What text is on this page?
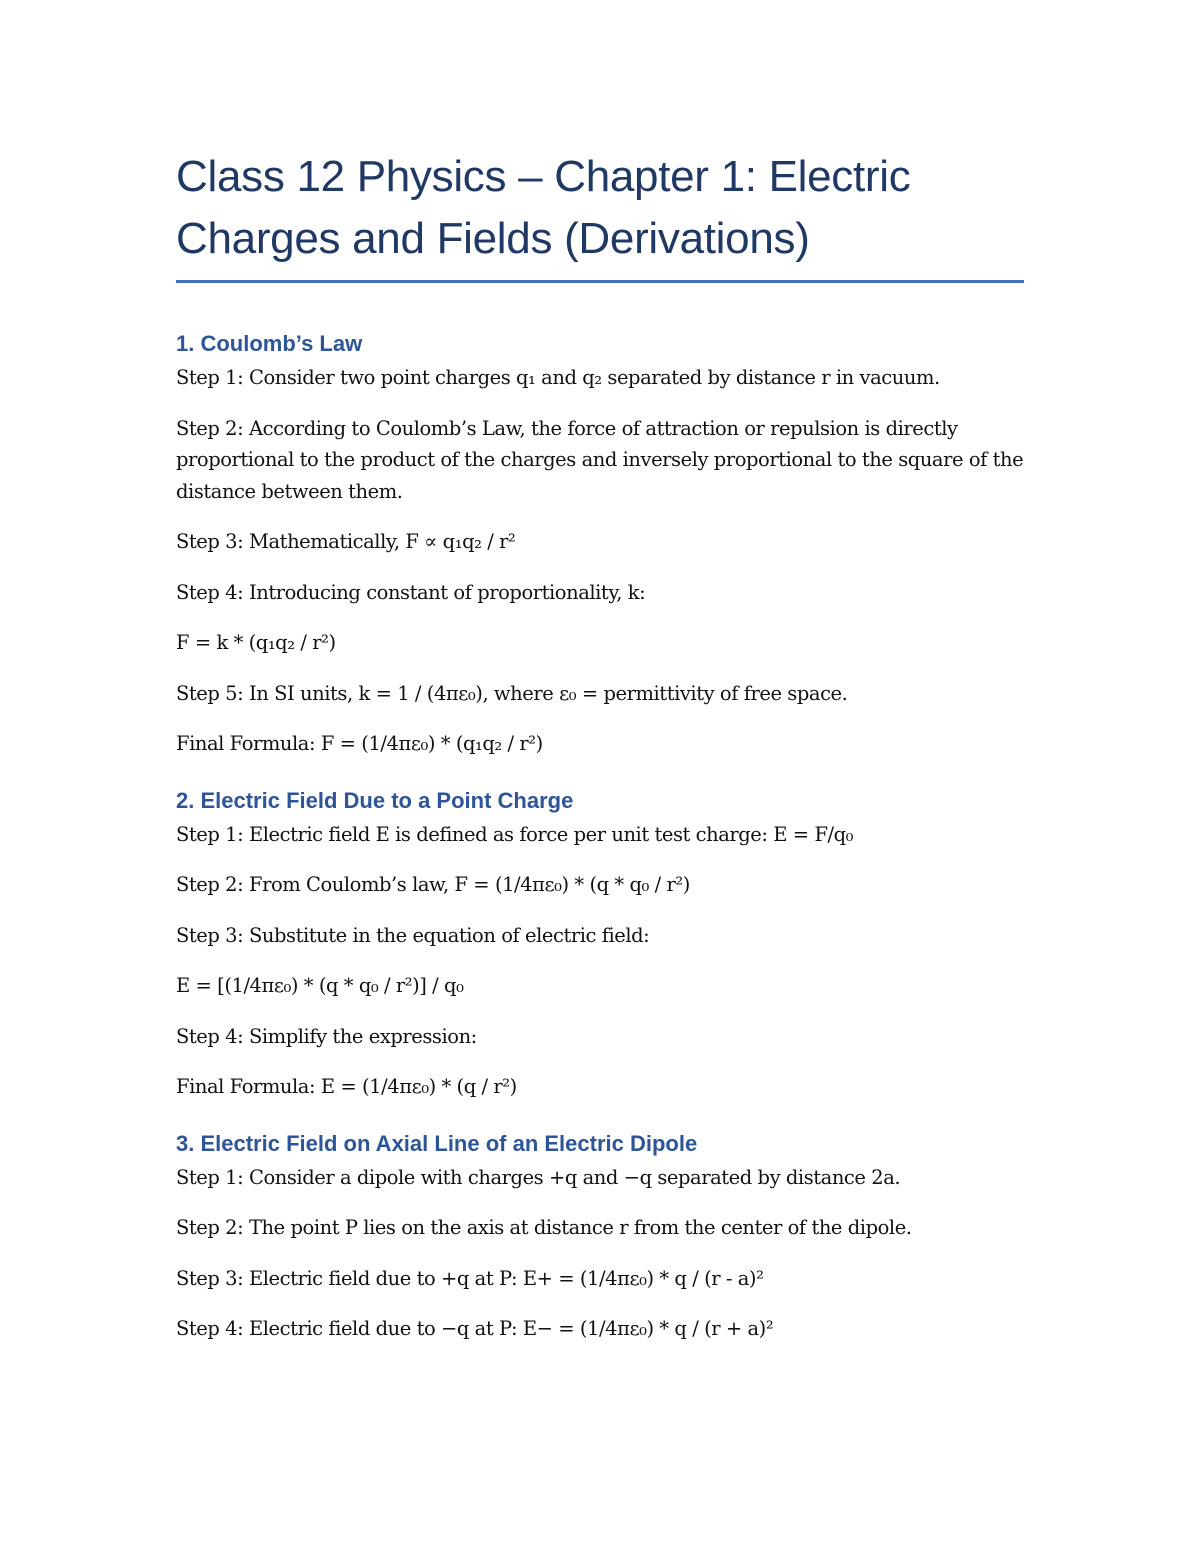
Class 12 Physics – Chapter 1: Electric Charges and Fields (Derivations)
1. Coulomb’s Law

Step 1: Consider two point charges q₁ and q₂ separated by distance r in vacuum.

Step 2: According to Coulomb’s Law, the force of attraction or repulsion is directly proportional to the product of the charges and inversely proportional to the square of the distance between them.

Step 3: Mathematically, F ∝ q₁q₂ / r²

Step 4: Introducing constant of proportionality, k:

F = k * (q₁q₂ / r²)

Step 5: In SI units, k = 1 / (4πε₀), where ε₀ = permittivity of free space.

Final Formula: F = (1/4πε₀) * (q₁q₂ / r²)

2. Electric Field Due to a Point Charge

Step 1: Electric field E is defined as force per unit test charge: E = F/q₀

Step 2: From Coulomb’s law, F = (1/4πε₀) * (q * q₀ / r²)

Step 3: Substitute in the equation of electric field:

E = [(1/4πε₀) * (q * q₀ / r²)] / q₀

Step 4: Simplify the expression:

Final Formula: E = (1/4πε₀) * (q / r²)

3. Electric Field on Axial Line of an Electric Dipole

Step 1: Consider a dipole with charges +q and −q separated by distance 2a.

Step 2: The point P lies on the axis at distance r from the center of the dipole.

Step 3: Electric field due to +q at P: E+ = (1/4πε₀) * q / (r - a)²

Step 4: Electric field due to −q at P: E− = (1/4πε₀) * q / (r + a)²
